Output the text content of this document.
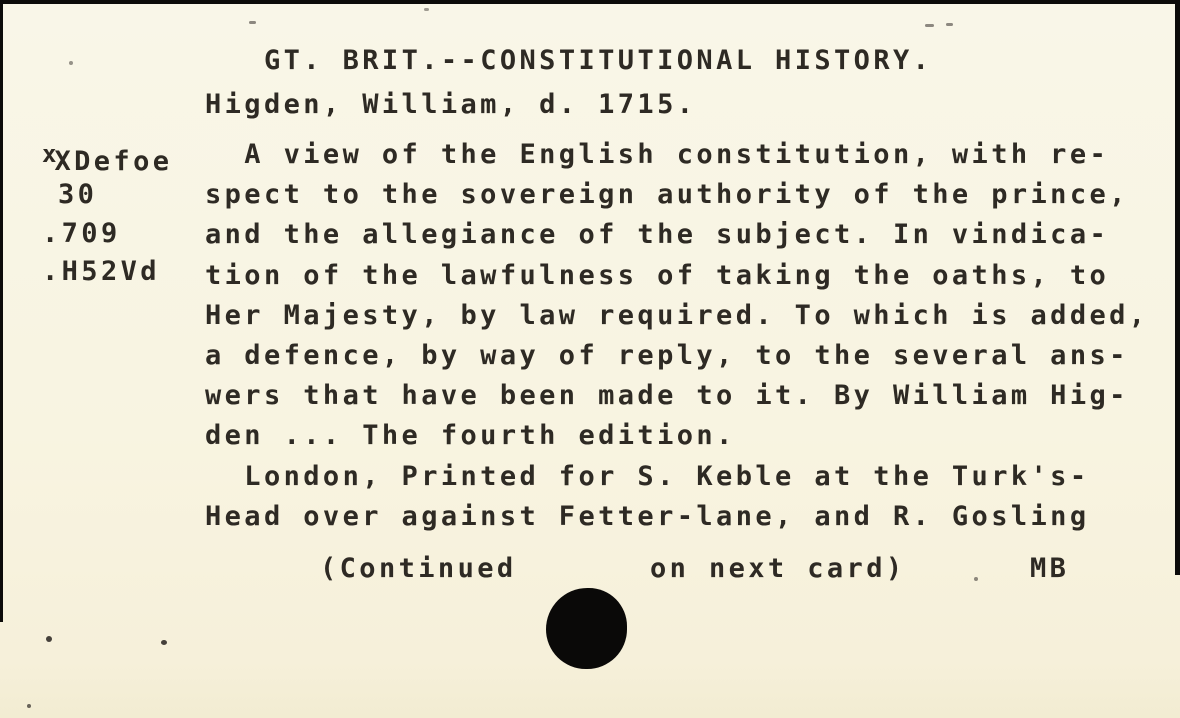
GT. BRIT.--CONSTITUTIONAL HISTORY.
Higden, William, d. 1715.
$^x$XDefoe
30
.709
.H52Vd
A view of the English constitution, with re-
spect to the sovereign authority of the prince,
and the allegiance of the subject. In vindica-
tion of the lawfulness of taking the oaths, to
Her Majesty, by law required. To which is added,
a defence, by way of reply, to the several ans-
wers that have been made to it. By William Hig-
den ... The fourth edition.
London, Printed for S. Keble at the Turk's-
Head over against Fetter-lane, and R. Gosling
(Continued	on next card)	MB
